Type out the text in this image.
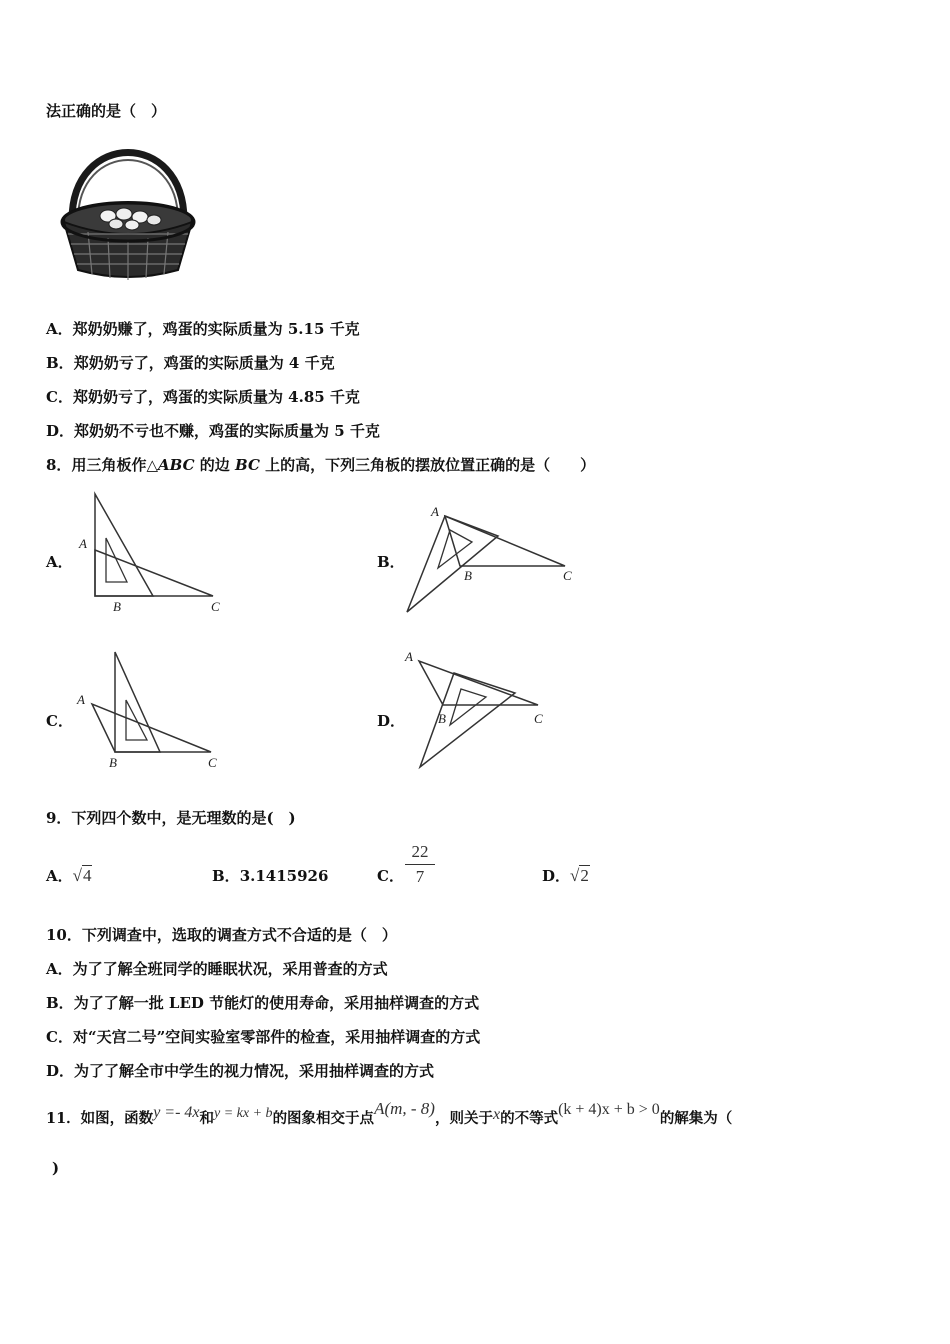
法正确的是（　）
A．郑奶奶赚了，鸡蛋的实际质量为 5.15 千克
B．郑奶奶亏了，鸡蛋的实际质量为 4 千克
C．郑奶奶亏了，鸡蛋的实际质量为 4.85 千克
D．郑奶奶不亏也不赚，鸡蛋的实际质量为 5 千克
8．用三角板作△ABC 的边 BC 上的高，下列三角板的摆放位置正确的是（　　）
A．
A
B	C
B．
A
B	C
C．
A
B	C
D．
A
B	C
9．下列四个数中，是无理数的是(　)
A．√4	B．3.1415926	C．
22
7	D．√2
10．下列调查中，选取的调查方式不合适的是（　）
A．为了了解全班同学的睡眠状况，采用普查的方式
B．为了了解一批 LED 节能灯的使用寿命，采用抽样调查的方式
C．对“天宫二号”空间实验室零部件的检查，采用抽样调查的方式
D．为了了解全市中学生的视力情况，采用抽样调查的方式
11．如图，函数y =- 4x和y = kx + b的图象相交于点A(m, - 8)，则关于x的不等式(k + 4)x + b > 0的解集为（
)
